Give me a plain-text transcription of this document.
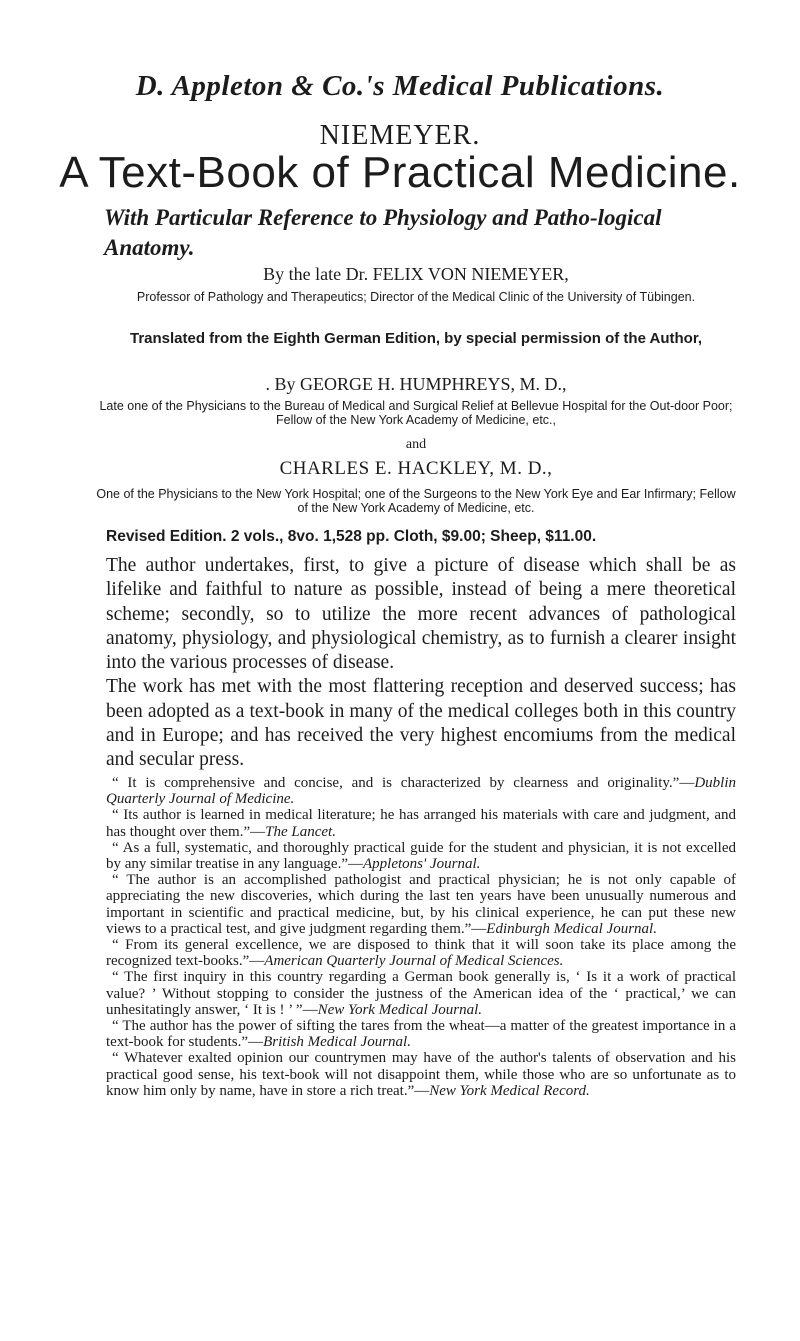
D. Appleton & Co.'s Medical Publications.
NIEMEYER.
A Text-Book of Practical Medicine.
With Particular Reference to Physiology and Patho-logical Anatomy.
By the late Dr. FELIX VON NIEMEYER,
Professor of Pathology and Therapeutics; Director of the Medical Clinic of the University of Tübingen.
Translated from the Eighth German Edition, by special permission of the Author,
. By GEORGE H. HUMPHREYS, M. D.,
Late one of the Physicians to the Bureau of Medical and Surgical Relief at Bellevue Hospital for the Out-door Poor; Fellow of the New York Academy of Medicine, etc.,
and
CHARLES E. HACKLEY, M. D.,
One of the Physicians to the New York Hospital; one of the Surgeons to the New York Eye and Ear Infirmary; Fellow of the New York Academy of Medicine, etc.
Revised Edition. 2 vols., 8vo. 1,528 pp. Cloth, $9.00; Sheep, $11.00.

The author undertakes, first, to give a picture of disease which shall be as lifelike and faithful to nature as possible, instead of being a mere theoretical scheme; secondly, so to utilize the more recent advances of pathological anatomy, physiology, and physiological chemistry, as to furnish a clearer insight into the various processes of disease.

The work has met with the most flattering reception and deserved success; has been adopted as a text-book in many of the medical colleges both in this country and in Europe; and has received the very highest encomiums from the medical and secular press.

“ It is comprehensive and concise, and is characterized by clearness and originality.”—Dublin Quarterly Journal of Medicine.

“ Its author is learned in medical literature; he has arranged his materials with care and judgment, and has thought over them.”—The Lancet.

“ As a full, systematic, and thoroughly practical guide for the student and physician, it is not excelled by any similar treatise in any language.”—Appletons' Journal.

“ The author is an accomplished pathologist and practical physician; he is not only capable of appreciating the new discoveries, which during the last ten years have been unusually numerous and important in scientific and practical medicine, but, by his clinical experience, he can put these new views to a practical test, and give judgment regarding them.”—Edinburgh Medical Journal.

“ From its general excellence, we are disposed to think that it will soon take its place among the recognized text-books.”—American Quarterly Journal of Medical Sciences.

“ The first inquiry in this country regarding a German book generally is, ‘ Is it a work of practical value? ’ Without stopping to consider the justness of the American idea of the ‘ practical,’ we can unhesitatingly answer, ‘ It is ! ’ ”—New York Medical Journal.

“ The author has the power of sifting the tares from the wheat—a matter of the greatest importance in a text-book for students.”—British Medical Journal.

“ Whatever exalted opinion our countrymen may have of the author's talents of observation and his practical good sense, his text-book will not disappoint them, while those who are so unfortunate as to know him only by name, have in store a rich treat.”—New York Medical Record.
